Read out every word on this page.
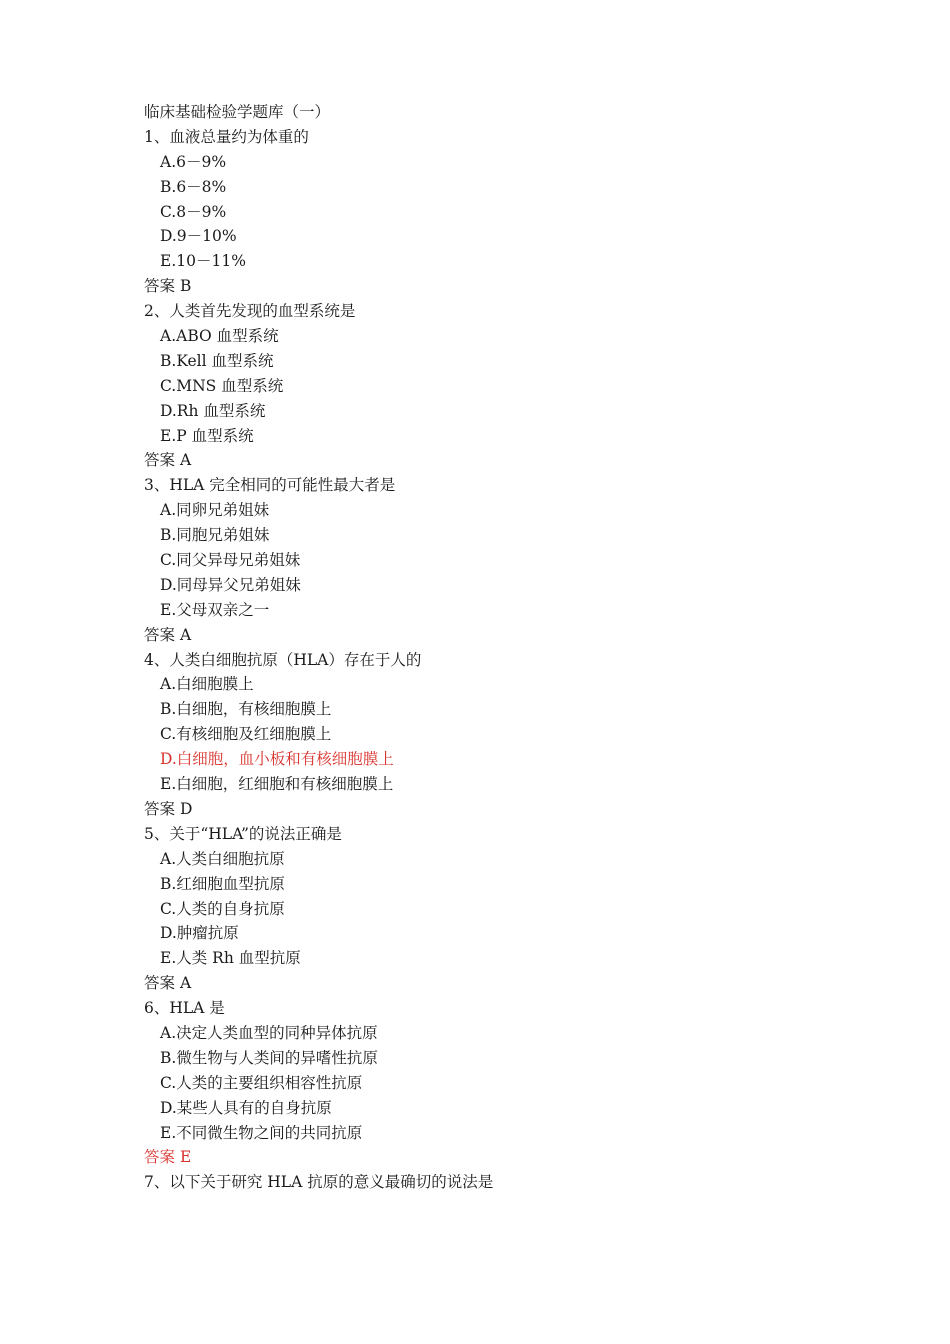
临床基础检验学题库（一）
1、血液总量约为体重的
A.6－9%
B.6－8%
C.8－9%
D.9－10%
E.10－11%
答案 B
2、人类首先发现的血型系统是
A.ABO 血型系统
B.Kell 血型系统
C.MNS 血型系统
D.Rh 血型系统
E.P 血型系统
答案 A
3、HLA 完全相同的可能性最大者是
A.同卵兄弟姐妹
B.同胞兄弟姐妹
C.同父异母兄弟姐妹
D.同母异父兄弟姐妹
E.父母双亲之一
答案 A
4、人类白细胞抗原（HLA）存在于人的
A.白细胞膜上
B.白细胞，有核细胞膜上
C.有核细胞及红细胞膜上
D.白细胞，血小板和有核细胞膜上
E.白细胞，红细胞和有核细胞膜上
答案 D
5、关于“HLA”的说法正确是
A.人类白细胞抗原
B.红细胞血型抗原
C.人类的自身抗原
D.肿瘤抗原
E.人类 Rh 血型抗原
答案 A
6、HLA 是
A.决定人类血型的同种异体抗原
B.微生物与人类间的异嗜性抗原
C.人类的主要组织相容性抗原
D.某些人具有的自身抗原
E.不同微生物之间的共同抗原
答案 E
7、以下关于研究 HLA 抗原的意义最确切的说法是
